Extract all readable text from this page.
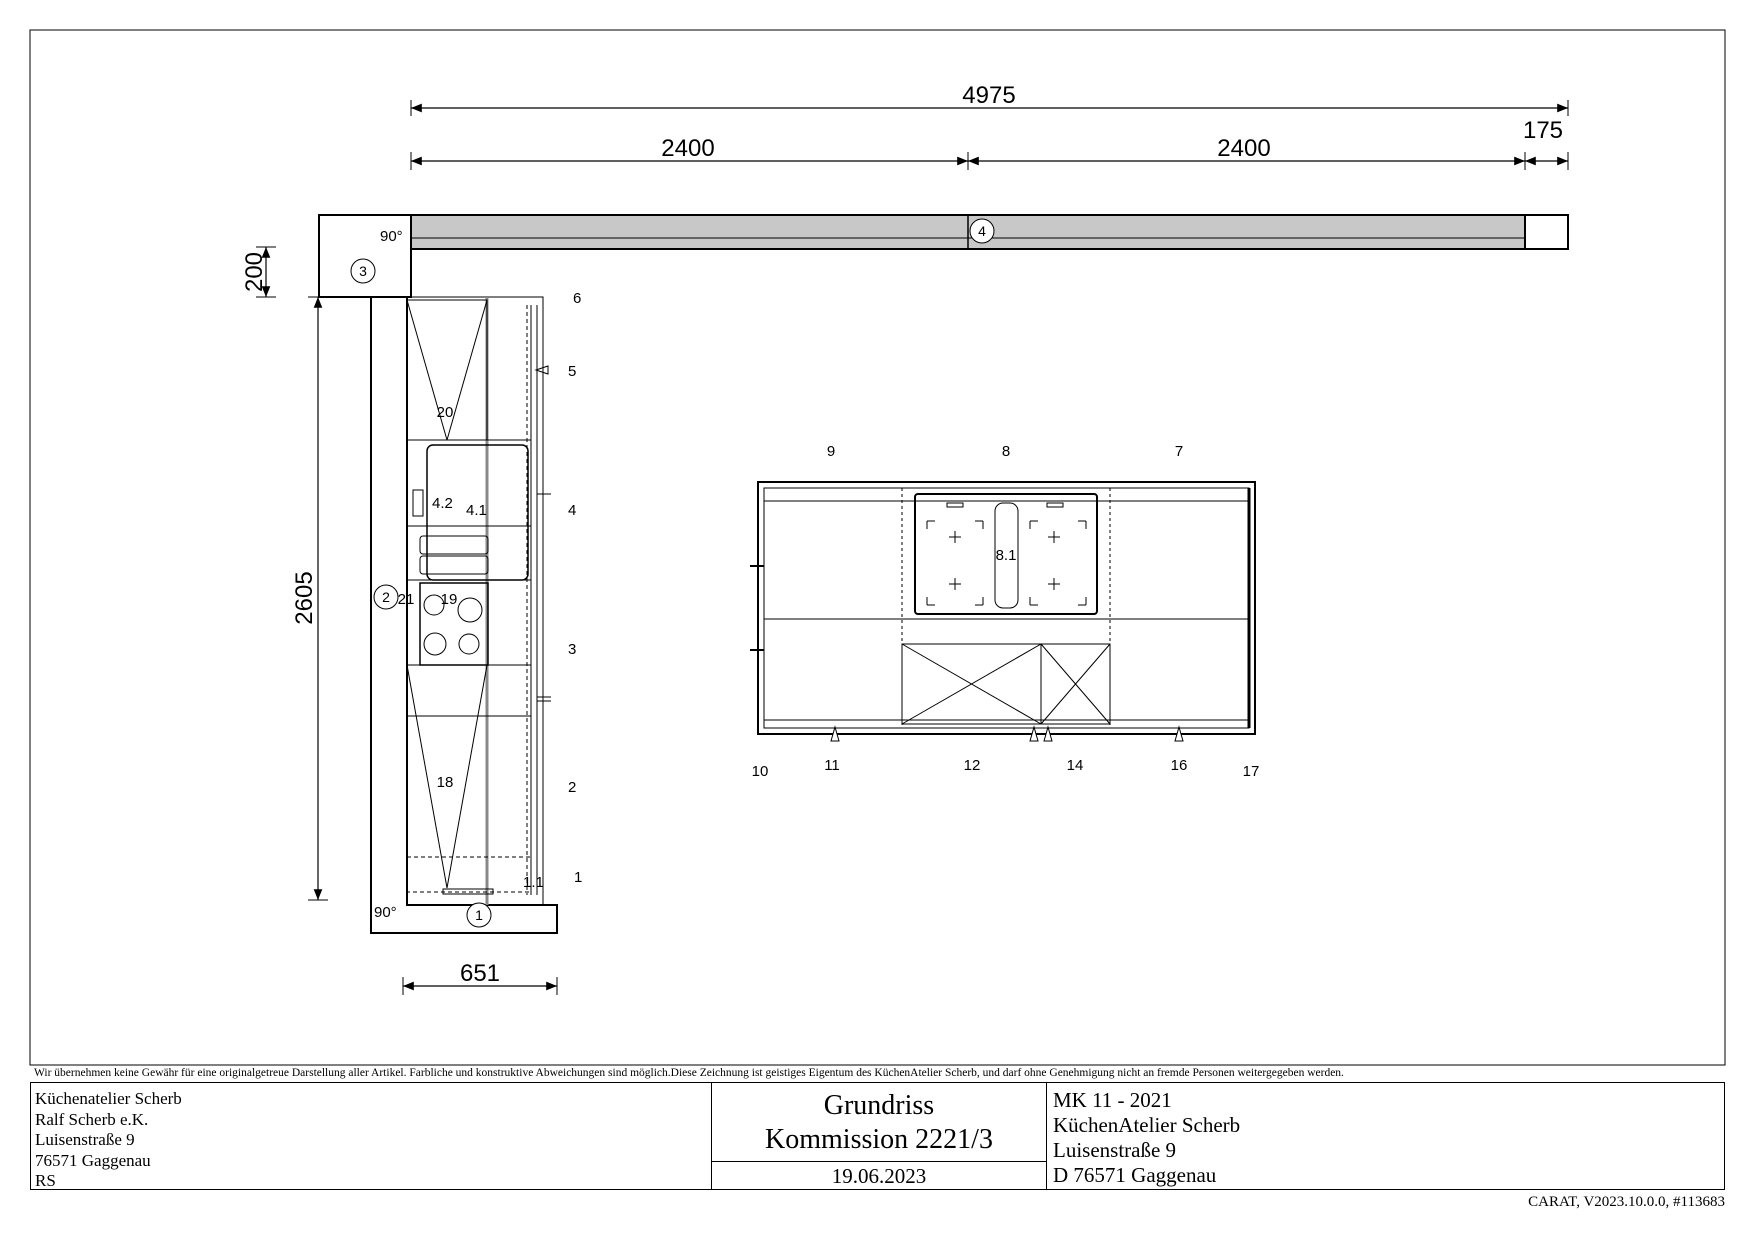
4975
2400	2400
175
2605
200
651
90°
20
4.2 4.1
21 19
18
1.1
90°	1
2
3
4
6
5
4
3
2
1
8.1
9	8	7
10	11	12	14	16	17
Wir übernehmen keine Gewähr für eine originalgetreue Darstellung aller Artikel. Farbliche und konstruktive Abweichungen sind möglich.Diese Zeichnung ist geistiges Eigentum des KüchenAtelier Scherb, und darf ohne Genehmigung nicht an fremde Personen weitergegeben werden.
Küchenatelier Scherb
Ralf Scherb e.K.
Luisenstraße 9
76571 Gaggenau
RS
Grundriss
Kommission 2221/3
19.06.2023
MK 11 - 2021
KüchenAtelier Scherb
Luisenstraße 9
D 76571 Gaggenau
CARAT, V2023.10.0.0, #113683
